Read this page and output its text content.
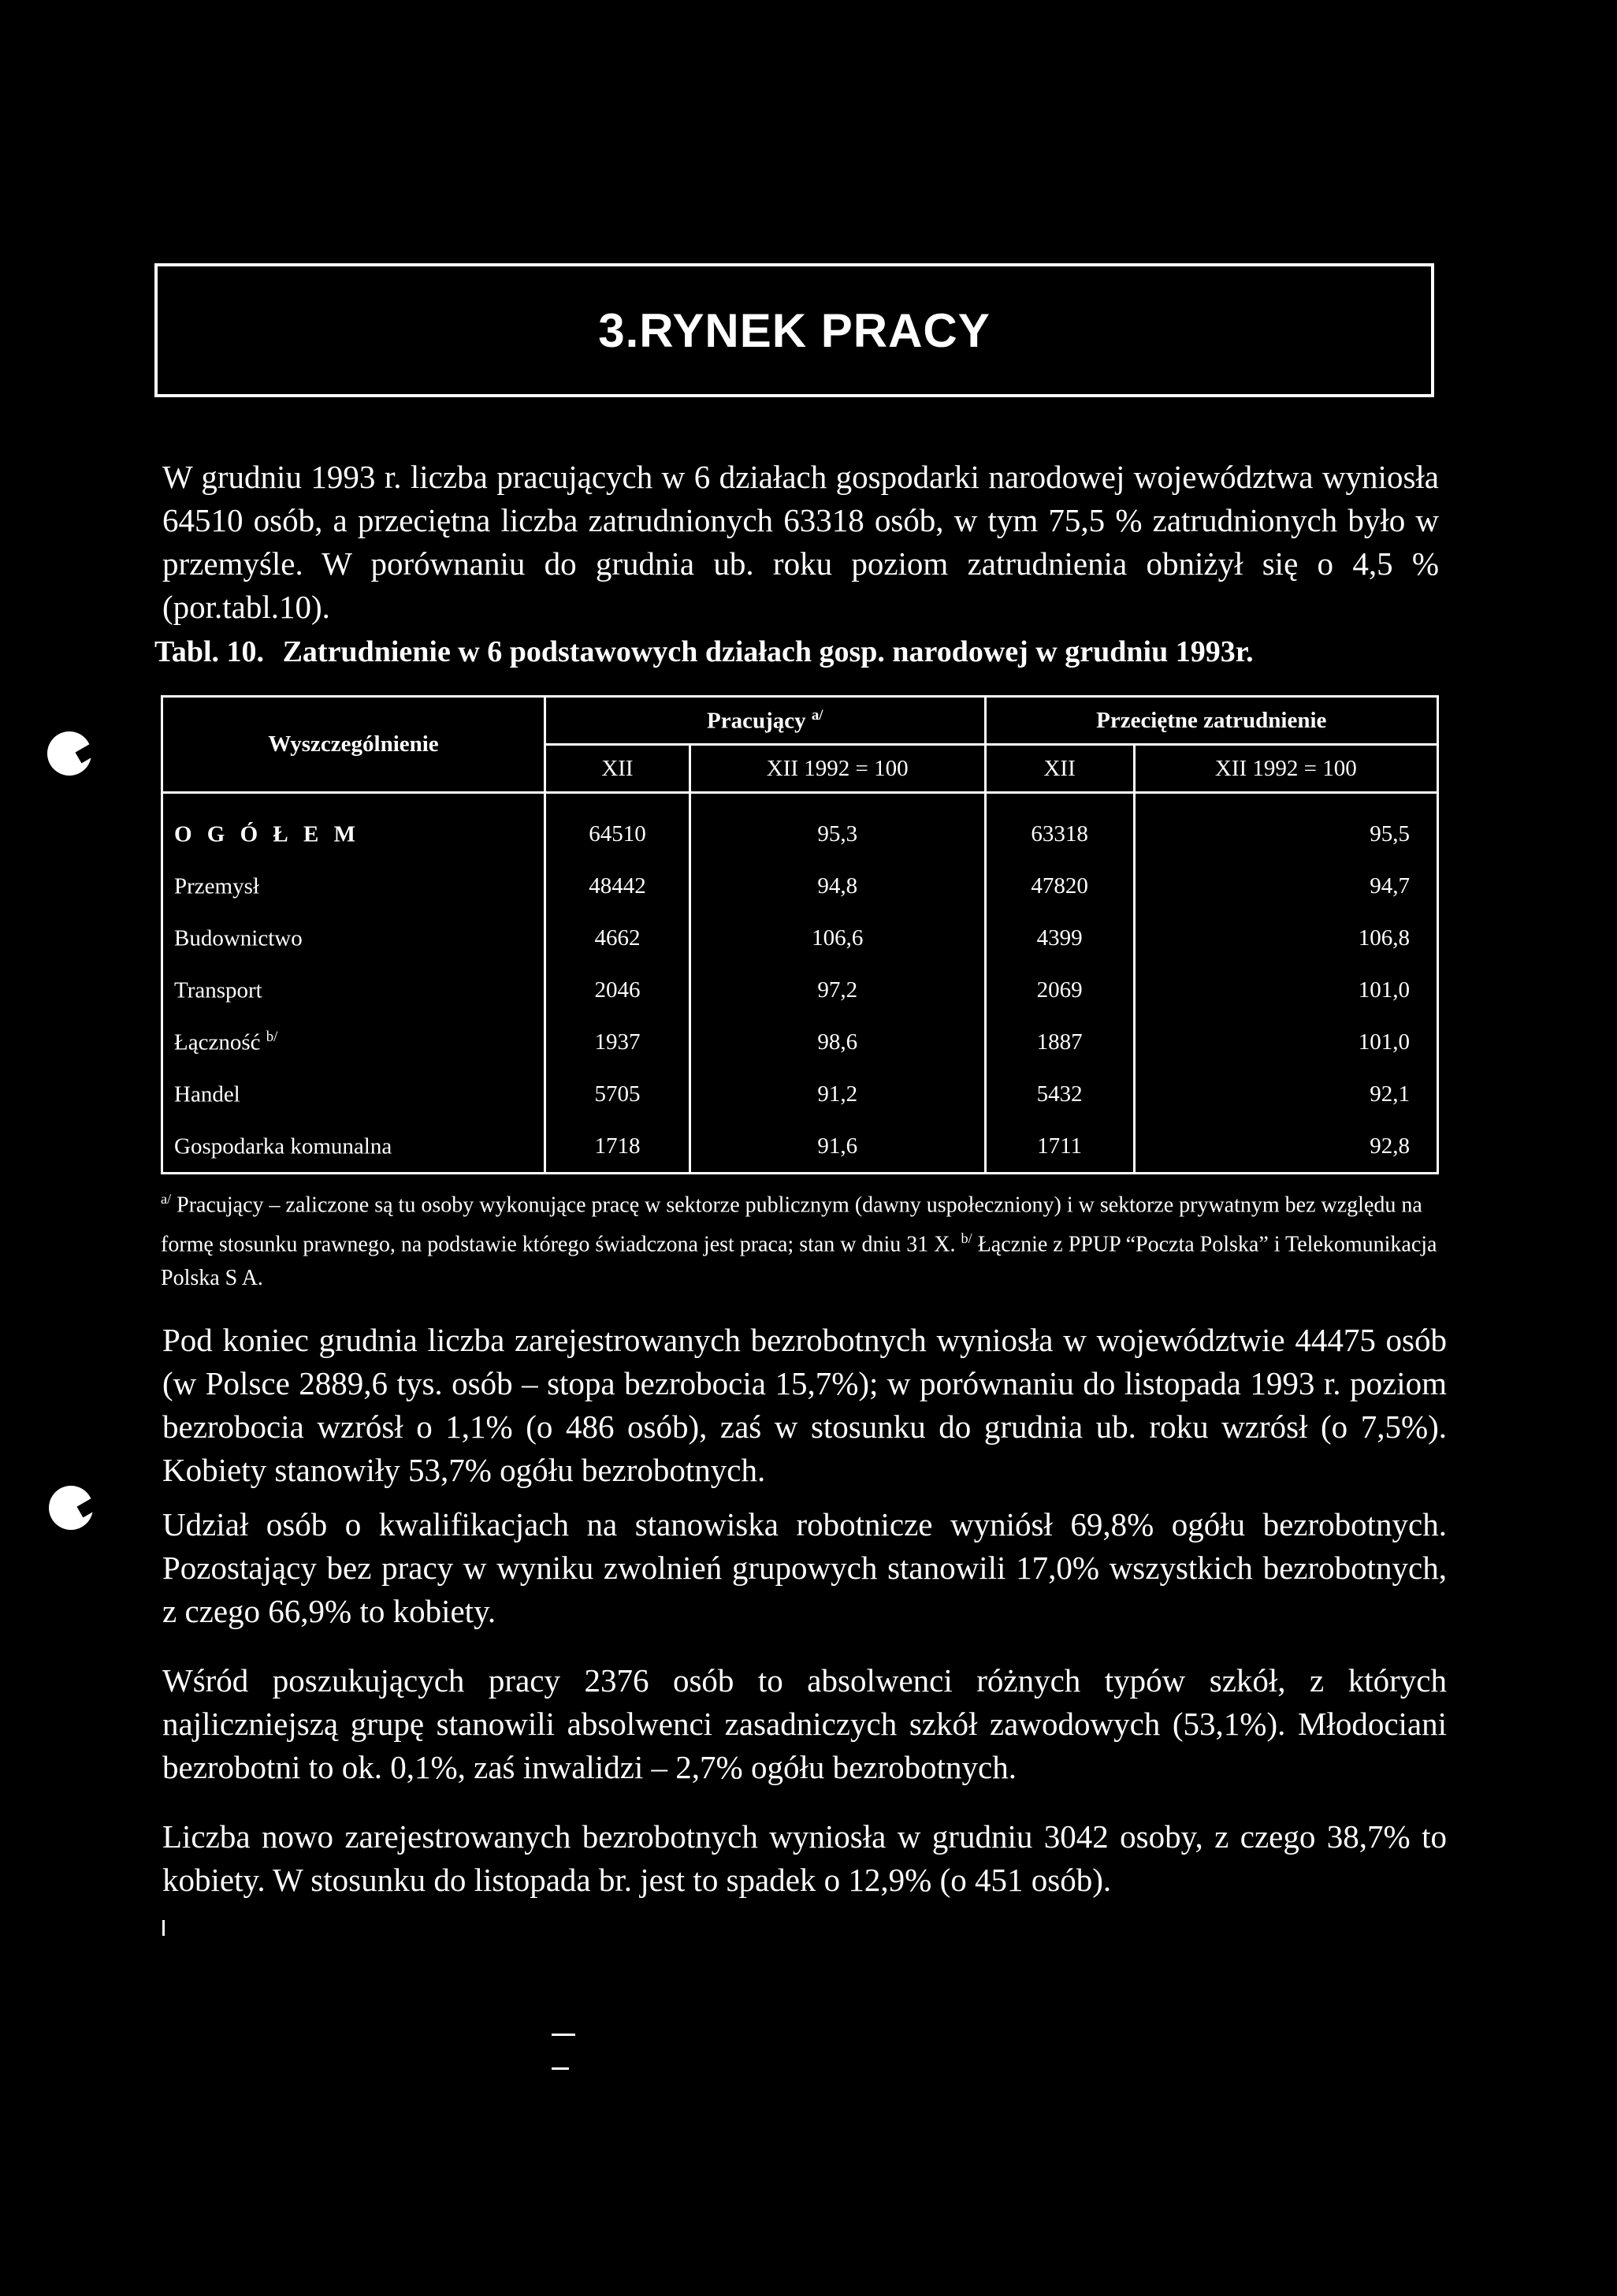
3.RYNEK PRACY

W grudniu 1993 r. liczba pracujących w 6 działach gospodarki narodowej województwa wyniosła 64510 osób, a przeciętna liczba zatrudnionych 63318 osób, w tym 75,5 % zatrudnionych było w przemyśle. W porównaniu do grudnia ub. roku poziom zatrudnienia obniżył się o 4,5 % (por.tabl.10).

Tabl. 10. Zatrudnienie w 6 podstawowych działach gosp. narodowej w grudniu 1993r.

Wyszczególnienie	Pracujący $^{a/}$		Przeciętne zatrudnienie	
	XII	XII 1992 = 100	XII	XII 1992 = 100
O G Ó Ł E M	64510	95,3	63318	95,5
Przemysł	48442	94,8	47820	94,7
Budownictwo	4662	106,6	4399	106,8
Transport	2046	97,2	2069	101,0
Łączność $^{b/}$	1937	98,6	1887	101,0
Handel	5705	91,2	5432	92,1
Gospodarka komunalna	1718	91,6	1711	92,8

$^{a/}$ Pracujący – zaliczone są tu osoby wykonujące pracę w sektorze publicznym (dawny uspołeczniony) i w sektorze prywatnym bez względu na formę stosunku prawnego, na podstawie którego świadczona jest praca; stan w dniu 31 X. $^{b/}$ Łącznie z PPUP “Poczta Polska” i Telekomunikacja Polska S A.

Pod koniec grudnia liczba zarejestrowanych bezrobotnych wyniosła w województwie 44475 osób (w Polsce 2889,6 tys. osób – stopa bezrobocia 15,7%); w porównaniu do listopada 1993 r. poziom bezrobocia wzrósł o 1,1% (o 486 osób), zaś w stosunku do grudnia ub. roku wzrósł (o 7,5%). Kobiety stanowiły 53,7% ogółu bezrobotnych.

Udział osób o kwalifikacjach na stanowiska robotnicze wyniósł 69,8% ogółu bezrobotnych. Pozostający bez pracy w wyniku zwolnień grupowych stanowili 17,0% wszystkich bezrobotnych, z czego 66,9% to kobiety.

Wśród poszukujących pracy 2376 osób to absolwenci różnych typów szkół, z których najliczniejszą grupę stanowili absolwenci zasadniczych szkół zawodowych (53,1%). Młodociani bezrobotni to ok. 0,1%, zaś inwalidzi – 2,7% ogółu bezrobotnych.

Liczba nowo zarejestrowanych bezrobotnych wyniosła w grudniu 3042 osoby, z czego 38,7% to kobiety. W stosunku do listopada br. jest to spadek o 12,9% (o 451 osób).
